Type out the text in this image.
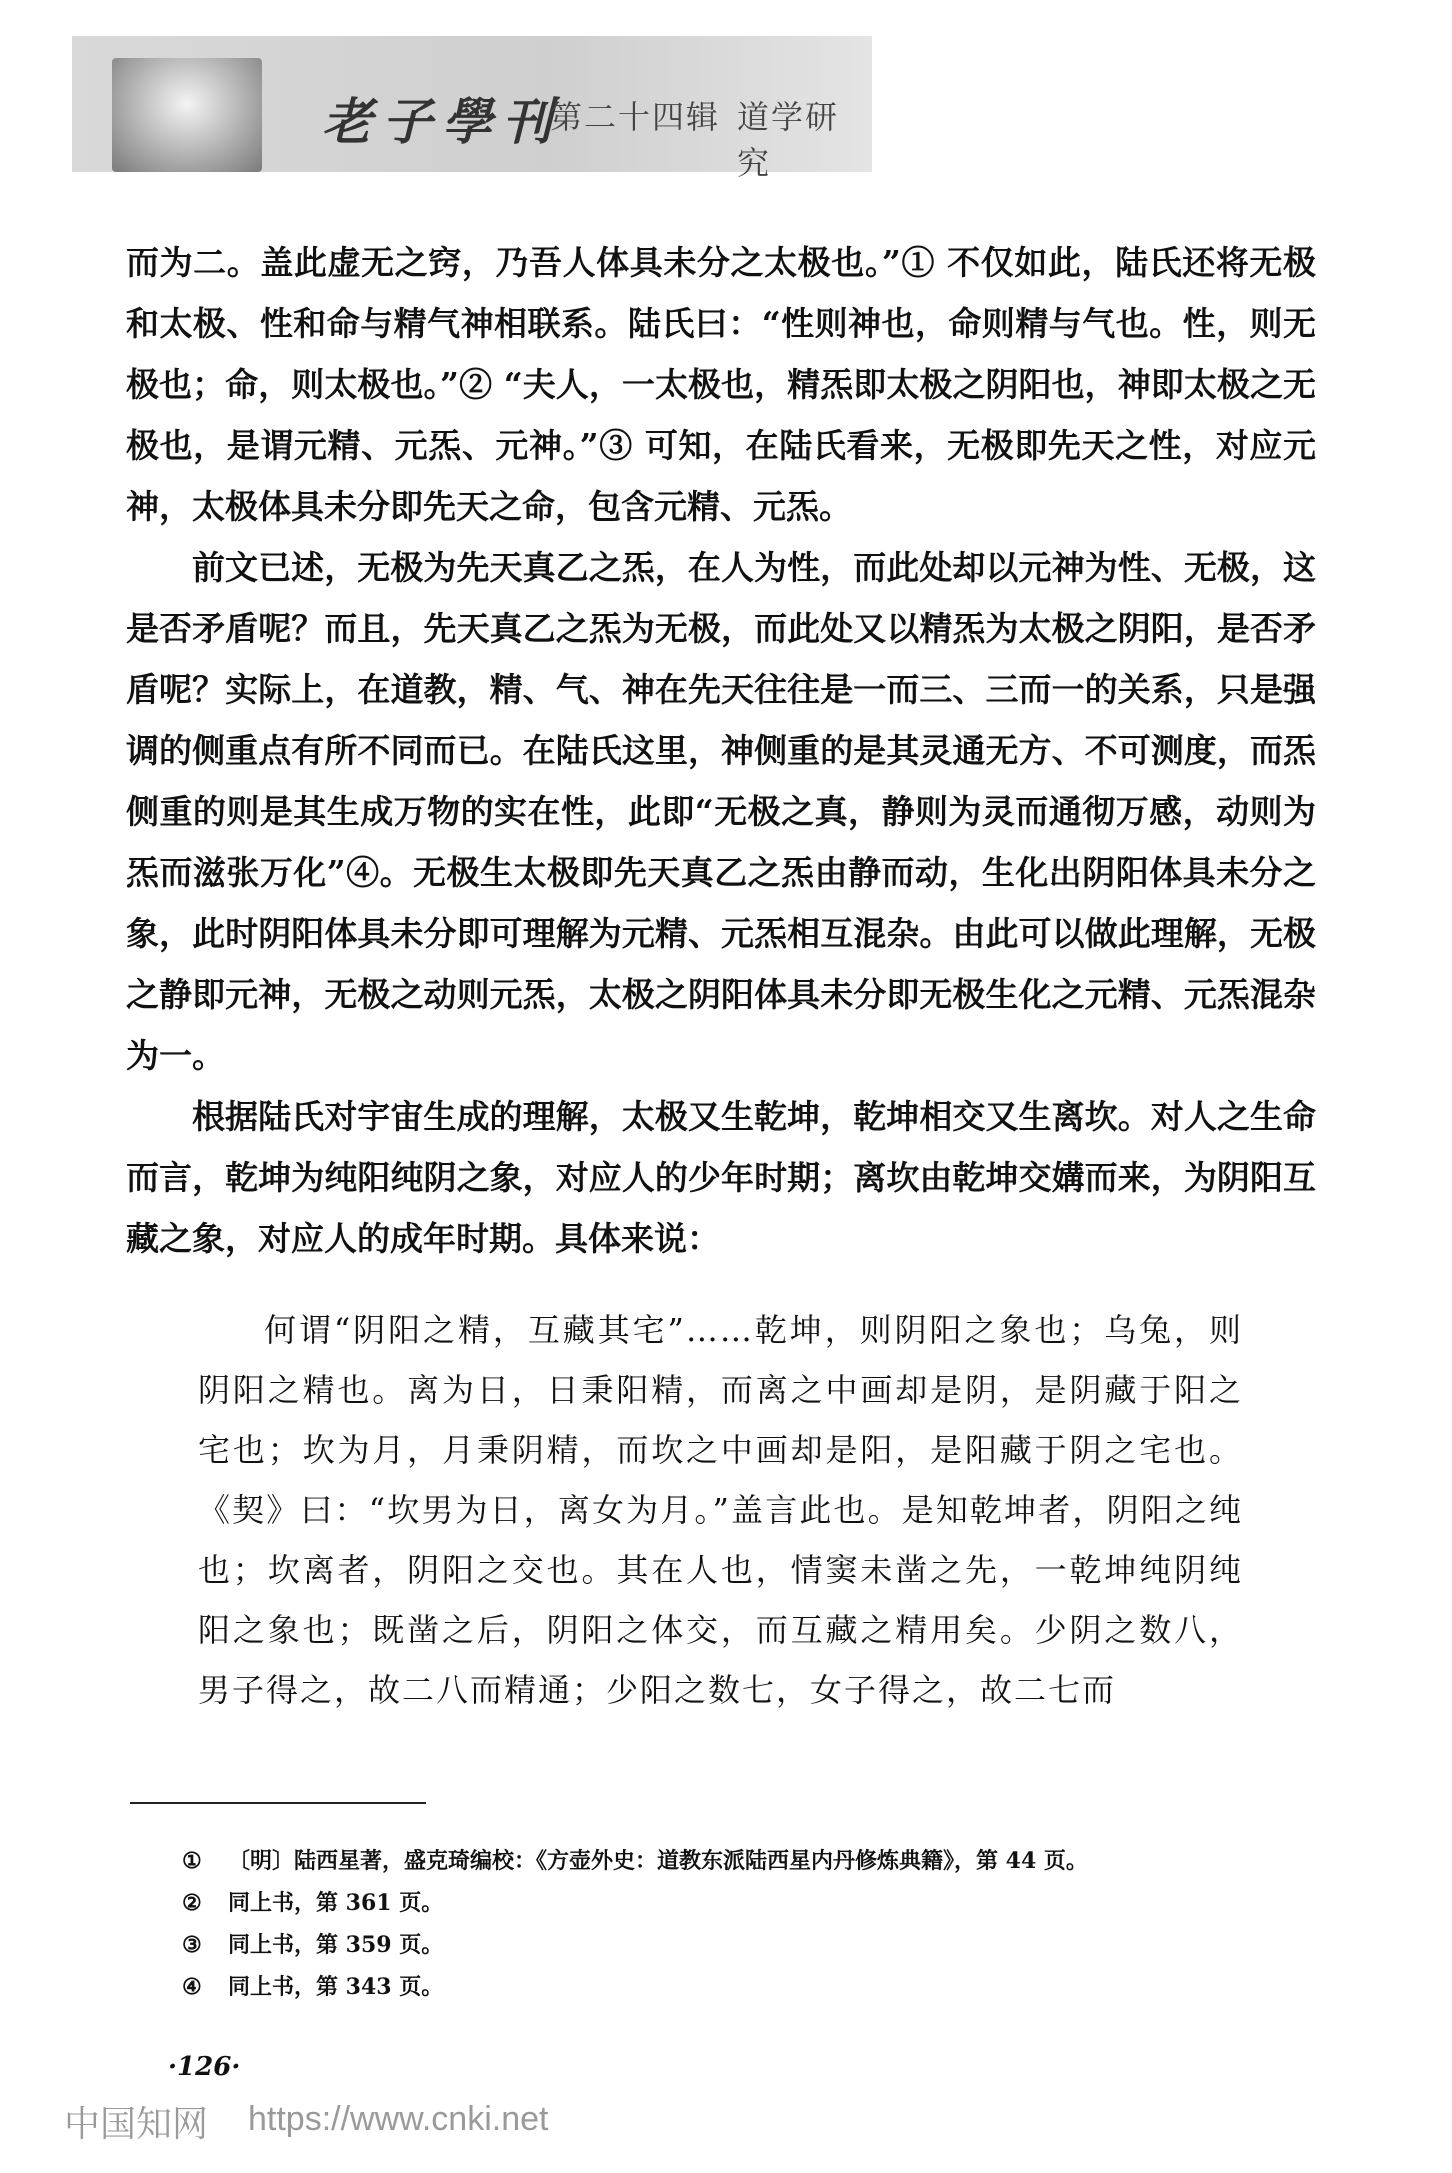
老子學刊
第二十四辑 道学研究

而为二。盖此虚无之窍，乃吾人体具未分之太极也。”① 不仅如此，陆氏还将无极和太极、性和命与精气神相联系。陆氏曰：“性则神也，命则精与气也。性，则无极也；命，则太极也。”② “夫人，一太极也，精炁即太极之阴阳也，神即太极之无极也，是谓元精、元炁、元神。”③ 可知，在陆氏看来，无极即先天之性，对应元神，太极体具未分即先天之命，包含元精、元炁。

前文已述，无极为先天真乙之炁，在人为性，而此处却以元神为性、无极，这是否矛盾呢？而且，先天真乙之炁为无极，而此处又以精炁为太极之阴阳，是否矛盾呢？实际上，在道教，精、气、神在先天往往是一而三、三而一的关系，只是强调的侧重点有所不同而已。在陆氏这里，神侧重的是其灵通无方、不可测度，而炁侧重的则是其生成万物的实在性，此即“无极之真，静则为灵而通彻万感，动则为炁而滋张万化”④。无极生太极即先天真乙之炁由静而动，生化出阴阳体具未分之象，此时阴阳体具未分即可理解为元精、元炁相互混杂。由此可以做此理解，无极之静即元神，无极之动则元炁，太极之阴阳体具未分即无极生化之元精、元炁混杂为一。

根据陆氏对宇宙生成的理解，太极又生乾坤，乾坤相交又生离坎。对人之生命而言，乾坤为纯阳纯阴之象，对应人的少年时期；离坎由乾坤交媾而来，为阴阳互藏之象，对应人的成年时期。具体来说：

何谓“阴阳之精，互藏其宅”……乾坤，则阴阳之象也；乌兔，则阴阳之精也。离为日，日秉阳精，而离之中画却是阴，是阴藏于阳之宅也；坎为月，月秉阴精，而坎之中画却是阳，是阳藏于阴之宅也。《契》曰：“坎男为日，离女为月。”盖言此也。是知乾坤者，阴阳之纯也；坎离者，阴阳之交也。其在人也，情窦未凿之先，一乾坤纯阴纯阳之象也；既凿之后，阴阳之体交，而互藏之精用矣。少阴之数八，男子得之，故二八而精通；少阳之数七，女子得之，故二七而

①	〔明〕陆西星著，盛克琦编校：《方壶外史：道教东派陆西星内丹修炼典籍》，第 44 页。
②	同上书，第 361 页。
③	同上书，第 359 页。
④	同上书，第 343 页。
·126·
中国知网 https://www.cnki.net
